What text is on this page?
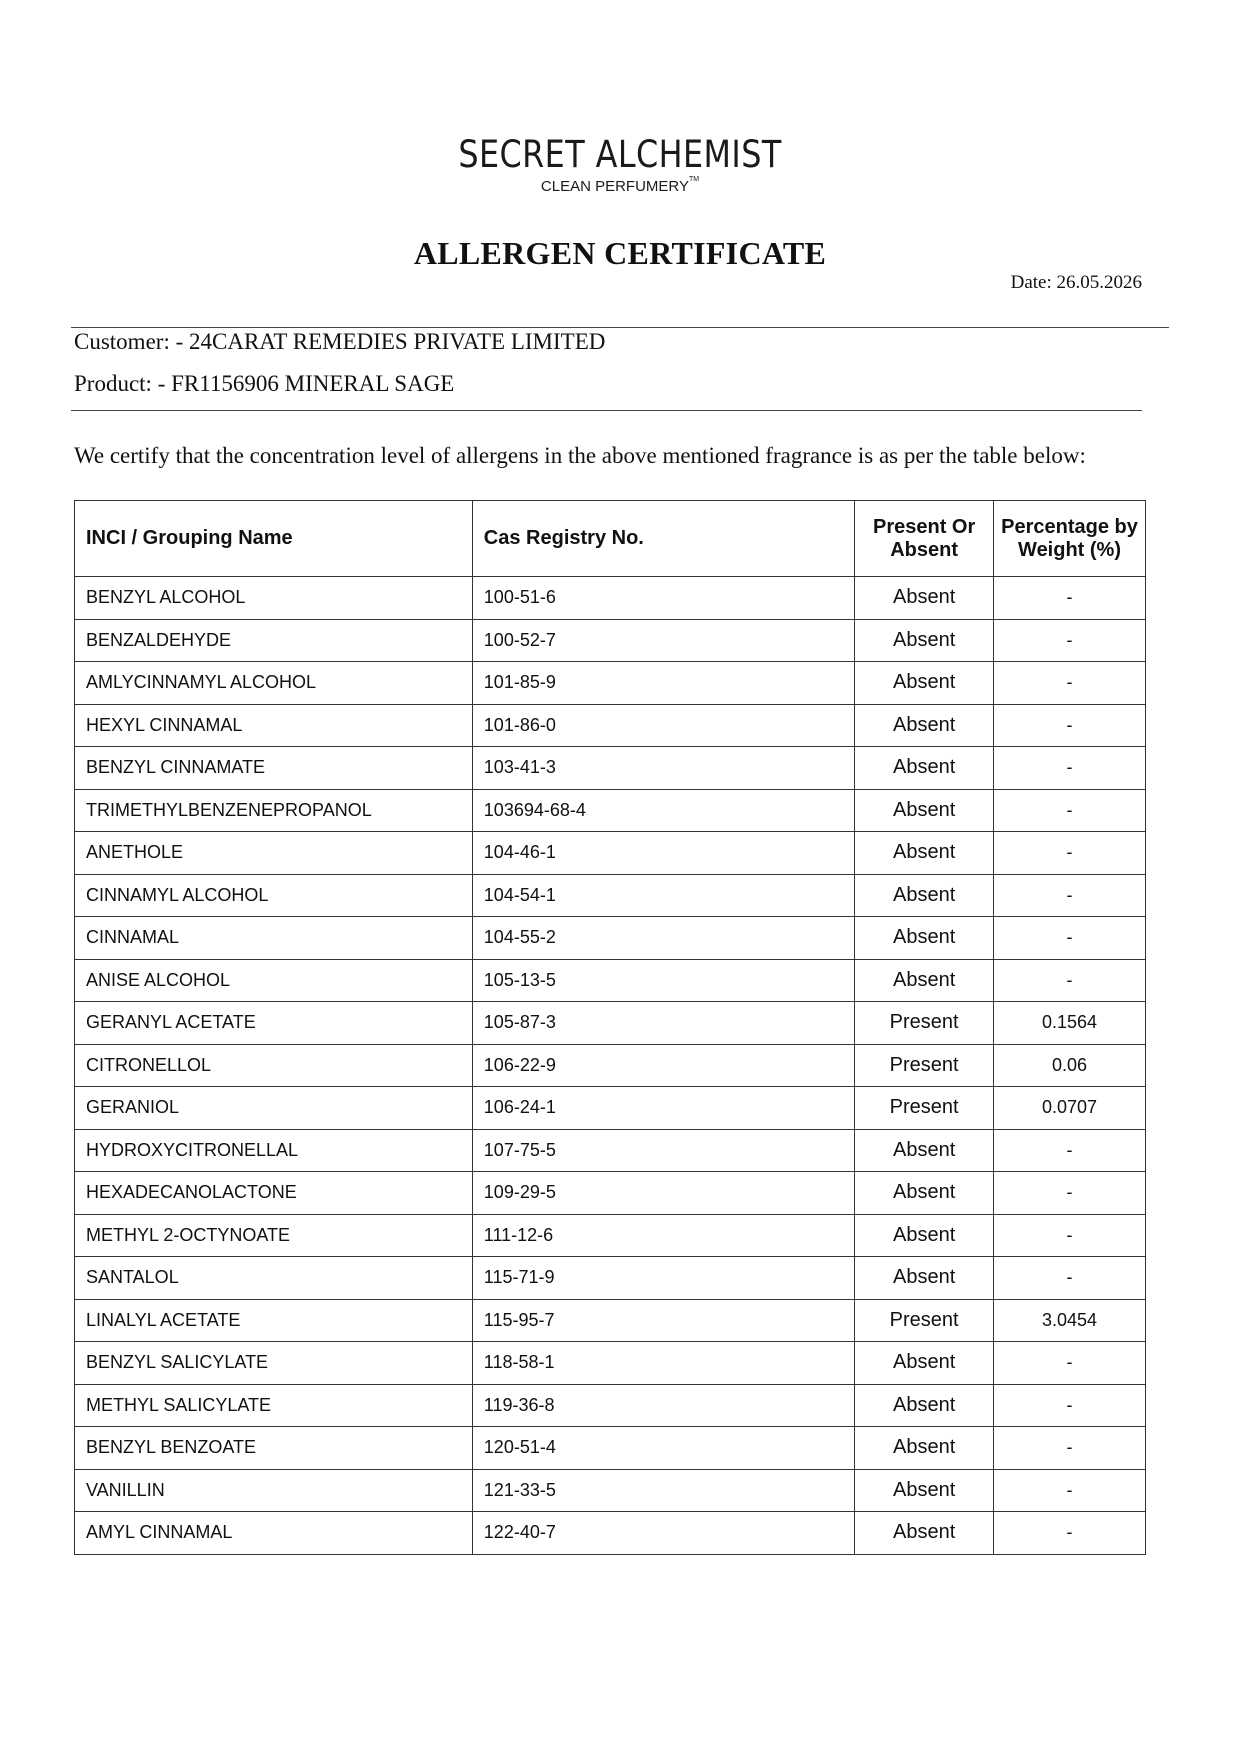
SECRET ALCHEMIST
CLEAN PERFUMERY™
ALLERGEN CERTIFICATE
Date: 26.05.2026
Customer: - 24CARAT REMEDIES PRIVATE LIMITED
Product: - FR1156906 MINERAL SAGE
We certify that the concentration level of allergens in the above mentioned fragrance is as per the table below:
INCI / Grouping Name	Cas Registry No.	Present Or Absent	Percentage by Weight (%)
BENZYL ALCOHOL	100-51-6	Absent	-
BENZALDEHYDE	100-52-7	Absent	-
AMLYCINNAMYL ALCOHOL	101-85-9	Absent	-
HEXYL CINNAMAL	101-86-0	Absent	-
BENZYL CINNAMATE	103-41-3	Absent	-
TRIMETHYLBENZENEPROPANOL	103694-68-4	Absent	-
ANETHOLE	104-46-1	Absent	-
CINNAMYL ALCOHOL	104-54-1	Absent	-
CINNAMAL	104-55-2	Absent	-
ANISE ALCOHOL	105-13-5	Absent	-
GERANYL ACETATE	105-87-3	Present	0.1564
CITRONELLOL	106-22-9	Present	0.06
GERANIOL	106-24-1	Present	0.0707
HYDROXYCITRONELLAL	107-75-5	Absent	-
HEXADECANOLACTONE	109-29-5	Absent	-
METHYL 2-OCTYNOATE	111-12-6	Absent	-
SANTALOL	115-71-9	Absent	-
LINALYL ACETATE	115-95-7	Present	3.0454
BENZYL SALICYLATE	118-58-1	Absent	-
METHYL SALICYLATE	119-36-8	Absent	-
BENZYL BENZOATE	120-51-4	Absent	-
VANILLIN	121-33-5	Absent	-
AMYL CINNAMAL	122-40-7	Absent	-
